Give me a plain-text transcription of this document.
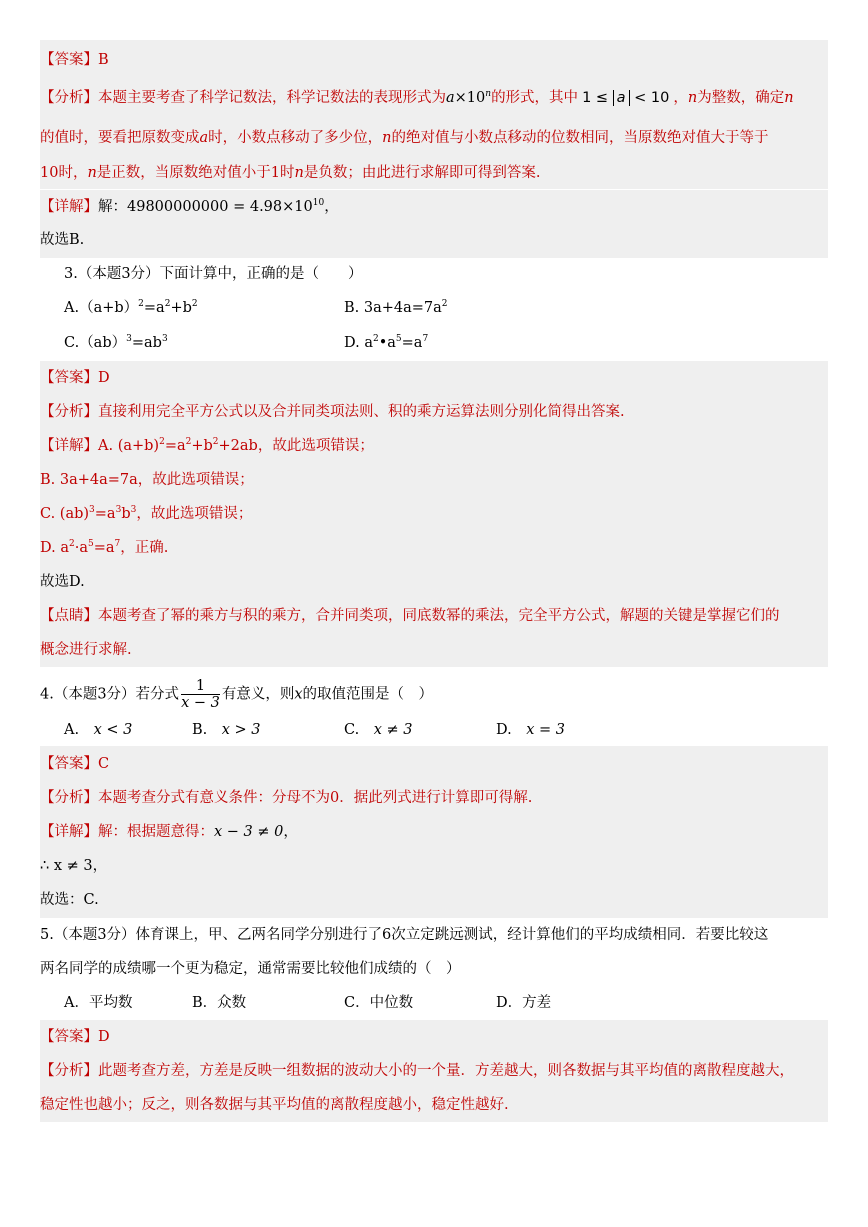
【答案】B
【分析】本题主要考查了科学记数法，科学记数法的表现形式为$a\times 10^n$的形式，其中 1 ≤ a < 10 ，n为整数，确定n
的值时，要看把原数变成a时，小数点移动了多少位，n的绝对值与小数点移动的位数相同，当原数绝对值大于等于
10时，n是正数，当原数绝对值小于1时n是负数；由此进行求解即可得到答案.
【详解】解：$49800000000 = 4.98\times 10^{10}$，
故选B.
3.（本题3分）下面计算中，正确的是（　　）
$A.(a+b)^2=a^2+b^2$	B. $3a+4a=7a^2$
$C.(ab)^3=ab^3$	D. $a^2•a^5=a^7$
【答案】D
【分析】直接利用完全平方公式以及合并同类项法则、积的乘方运算法则分别化简得出答案.
【详解】A. $(a+b)^2=a^2+b^2+2ab$，故此选项错误；
B. 3a+4a=7a，故此选项错误；
C. $(ab)^3=a^3b^3$，故此选项错误；
D. $a^2\cdot a^5=a^7$，正确.
故选D.
【点睛】本题考查了幂的乘方与积的乘方，合并同类项，同底数幂的乘法，完全平方公式，解题的关键是掌握它们的
概念进行求解.
4.（本题3分）若分式 $\frac{1}{x - 3}$ 有意义，则x的取值范围是（　）
A.　 x < 3	B.　 x > 3	C.　 x ≠ 3	D.　 x = 3
【答案】C
【分析】本题考查分式有意义条件：分母不为0．据此列式进行计算即可得解.
【详解】解：根据题意得：x − 3 ≠ 0，
∴ x ≠ 3，
故选：C.
5.（本题3分）体育课上，甲、乙两名同学分别进行了6次立定跳远测试，经计算他们的平均成绩相同．若要比较这
两名同学的成绩哪一个更为稳定，通常需要比较他们成绩的（　）
A．平均数	B．众数	C．中位数	D．方差
【答案】D
【分析】此题考查方差，方差是反映一组数据的波动大小的一个量．方差越大，则各数据与其平均值的离散程度越大，
稳定性也越小；反之，则各数据与其平均值的离散程度越小，稳定性越好.
